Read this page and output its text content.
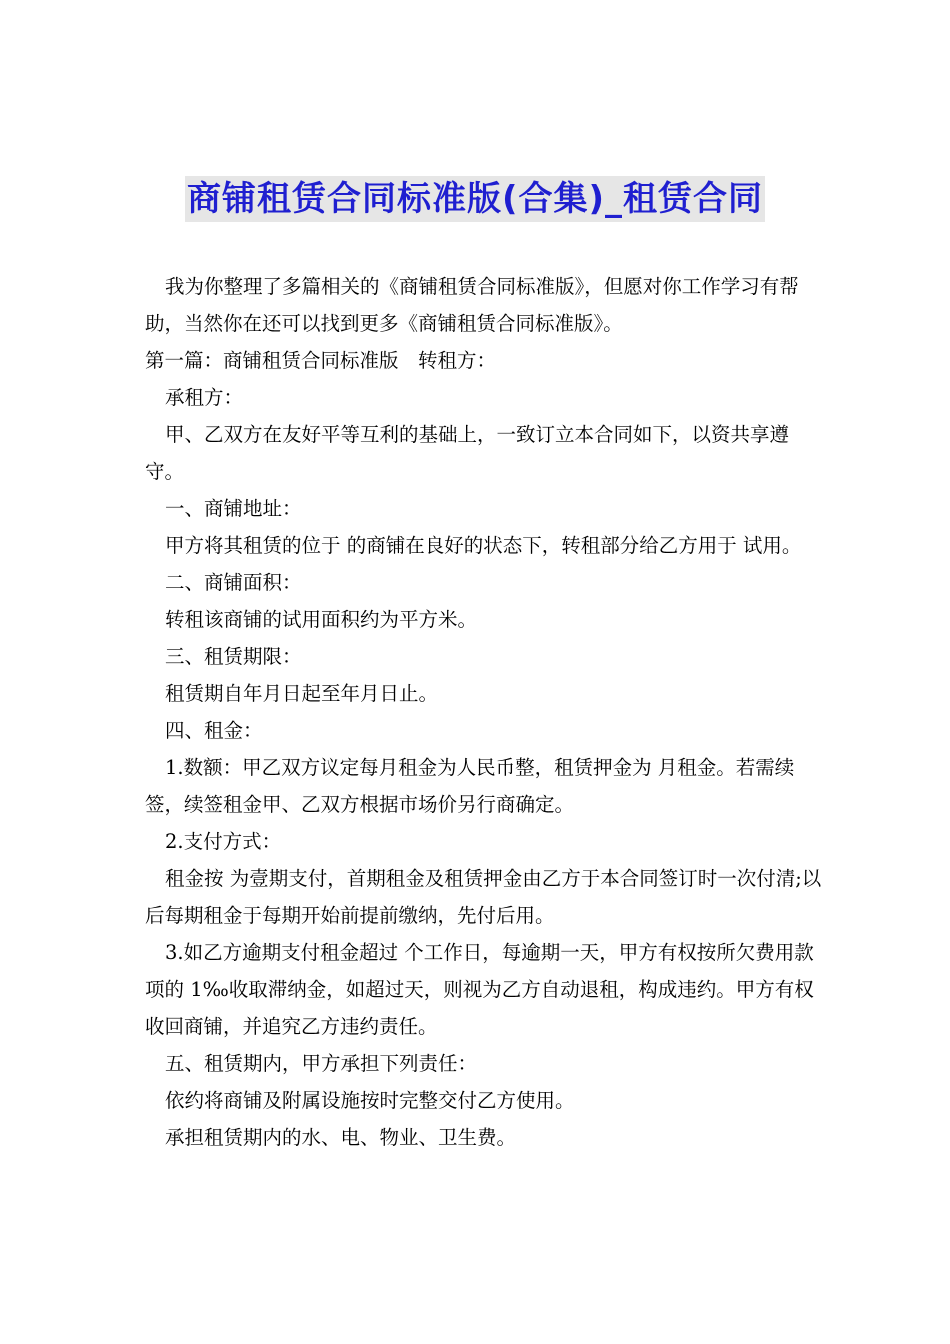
商铺租赁合同标准版(合集)_租赁合同

我为你整理了多篇相关的《商铺租赁合同标准版》，但愿对你工作学习有帮助，当然你在还可以找到更多《商铺租赁合同标准版》。

第一篇：商铺租赁合同标准版　转租方：

承租方：

甲、乙双方在友好平等互利的基础上，一致订立本合同如下，以资共享遵守。

一、商铺地址：

甲方将其租赁的位于 的商铺在良好的状态下，转租部分给乙方用于 试用。

二、商铺面积：

转租该商铺的试用面积约为平方米。

三、租赁期限：

租赁期自年月日起至年月日止。

四、租金：

1.数额：甲乙双方议定每月租金为人民币整，租赁押金为 月租金。若需续签，续签租金甲、乙双方根据市场价另行商确定。

2.支付方式：

租金按 为壹期支付，首期租金及租赁押金由乙方于本合同签订时一次付清;以后每期租金于每期开始前提前缴纳，先付后用。

3.如乙方逾期支付租金超过 个工作日，每逾期一天，甲方有权按所欠费用款项的 1‰收取滞纳金，如超过天，则视为乙方自动退租，构成违约。甲方有权收回商铺，并追究乙方违约责任。

五、租赁期内，甲方承担下列责任：

依约将商铺及附属设施按时完整交付乙方使用。

承担租赁期内的水、电、物业、卫生费。
